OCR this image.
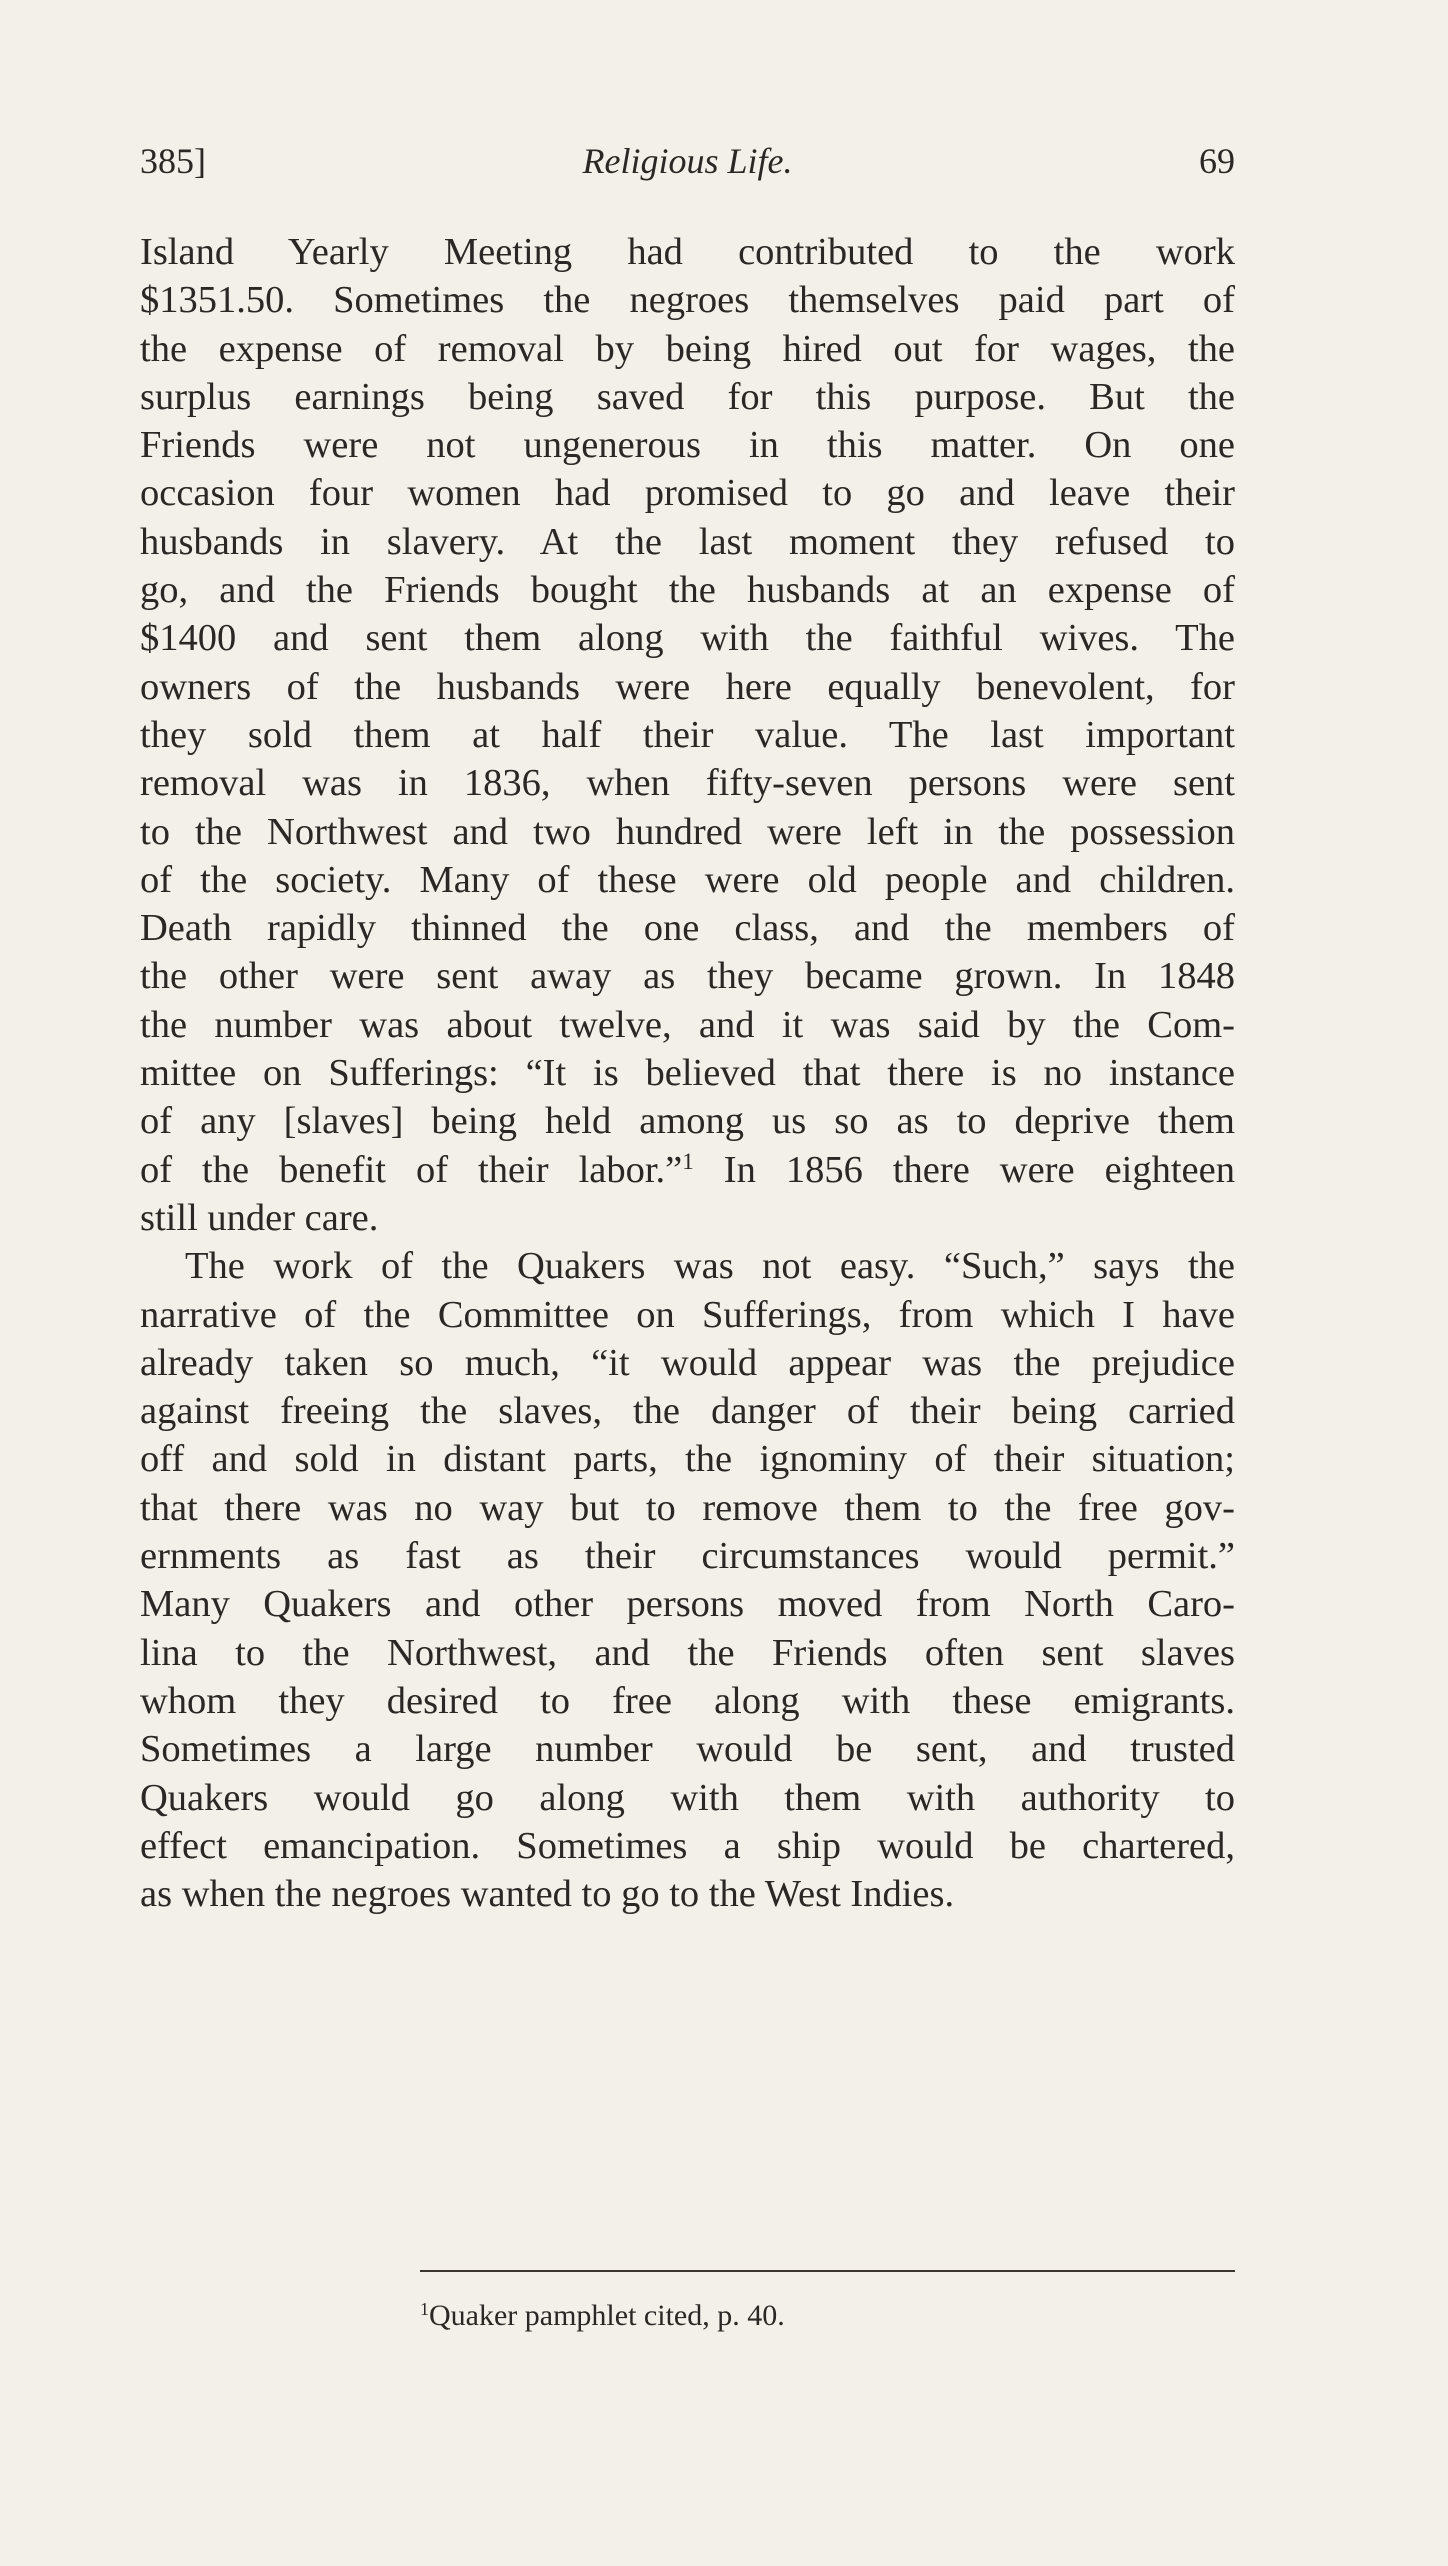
385]	Religious Life.	69
Island Yearly Meeting had contributed to the work
$1351.50. Sometimes the negroes themselves paid part of
the expense of removal by being hired out for wages, the
surplus earnings being saved for this purpose. But the
Friends were not ungenerous in this matter. On one
occasion four women had promised to go and leave their
husbands in slavery. At the last moment they refused to
go, and the Friends bought the husbands at an expense of
$1400 and sent them along with the faithful wives. The
owners of the husbands were here equally benevolent, for
they sold them at half their value. The last important
removal was in 1836, when fifty-seven persons were sent
to the Northwest and two hundred were left in the possession
of the society. Many of these were old people and children.
Death rapidly thinned the one class, and the members of
the other were sent away as they became grown. In 1848
the number was about twelve, and it was said by the Com-
mittee on Sufferings: “It is believed that there is no instance
of any [slaves] being held among us so as to deprive them
of the benefit of their labor.”$^1$ In 1856 there were eighteen
still under care.
The work of the Quakers was not easy. “Such,” says the
narrative of the Committee on Sufferings, from which I have
already taken so much, “it would appear was the prejudice
against freeing the slaves, the danger of their being carried
off and sold in distant parts, the ignominy of their situation;
that there was no way but to remove them to the free gov-
ernments as fast as their circumstances would permit.”
Many Quakers and other persons moved from North Caro-
lina to the Northwest, and the Friends often sent slaves
whom they desired to free along with these emigrants.
Sometimes a large number would be sent, and trusted
Quakers would go along with them with authority to
effect emancipation. Sometimes a ship would be chartered,
as when the negroes wanted to go to the West Indies.
$^1$Quaker pamphlet cited, p. 40.
